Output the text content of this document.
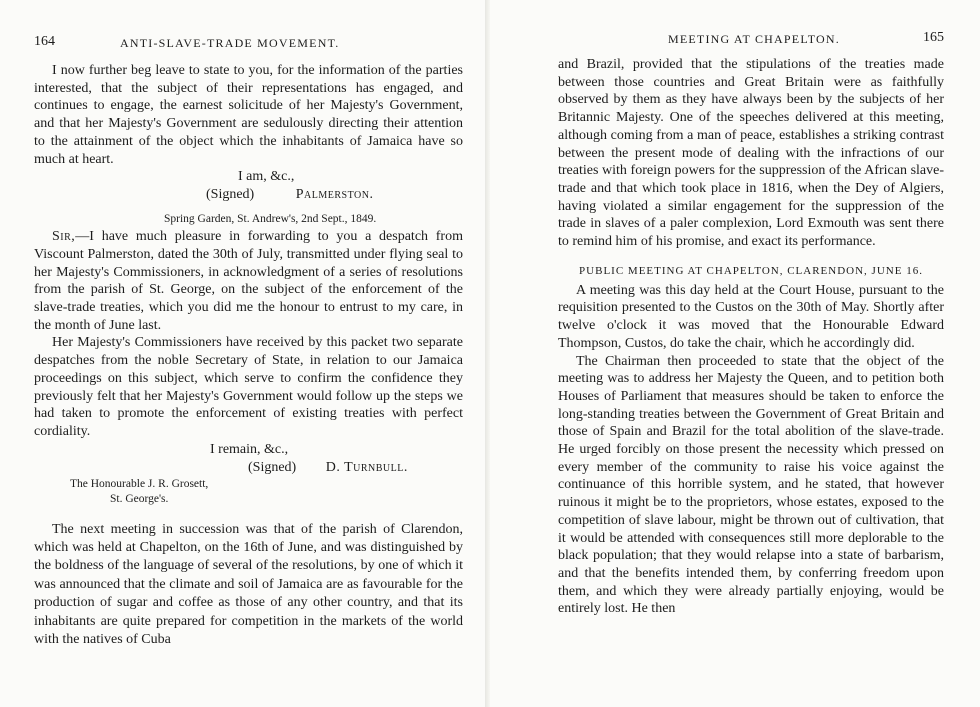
164	ANTI-SLAVE-TRADE MOVEMENT.

I now further beg leave to state to you, for the information of the parties interested, that the subject of their representations has engaged, and continues to engage, the earnest solicitude of her Majesty's Government, and that her Majesty's Government are sedulously directing their attention to the attainment of the object which the inhabitants of Jamaica have so much at heart.

I am, &c.,
(Signed)	Palmerston.
Spring Garden, St. Andrew's, 2nd Sept., 1849.

Sir,—I have much pleasure in forwarding to you a despatch from Viscount Palmerston, dated the 30th of July, transmitted under flying seal to her Majesty's Commissioners, in acknowledgment of a series of resolutions from the parish of St. George, on the subject of the enforcement of the slave-trade treaties, which you did me the honour to entrust to my care, in the month of June last.

Her Majesty's Commissioners have received by this packet two separate despatches from the noble Secretary of State, in relation to our Jamaica proceedings on this subject, which serve to confirm the confidence they previously felt that her Majesty's Government would follow up the steps we had taken to promote the enforcement of existing treaties with perfect cordiality.

I remain, &c.,
(Signed) D. Turnbull.
The Honourable J. R. Grosett,
St. George's.

The next meeting in succession was that of the parish of Clarendon, which was held at Chapelton, on the 16th of June, and was distinguished by the boldness of the language of several of the resolutions, by one of which it was announced that the climate and soil of Jamaica are as favourable for the production of sugar and coffee as those of any other country, and that its inhabitants are quite prepared for competition in the markets of the world with the natives of Cuba

MEETING AT CHAPELTON.	165

and Brazil, provided that the stipulations of the treaties made between those countries and Great Britain were as faithfully observed by them as they have always been by the subjects of her Britannic Majesty. One of the speeches delivered at this meeting, although coming from a man of peace, establishes a striking contrast between the present mode of dealing with the infractions of our treaties with foreign powers for the suppression of the African slave-trade and that which took place in 1816, when the Dey of Algiers, having violated a similar engagement for the suppression of the trade in slaves of a paler complexion, Lord Exmouth was sent there to remind him of his promise, and exact its performance.

PUBLIC MEETING AT CHAPELTON, CLARENDON, JUNE 16.

A meeting was this day held at the Court House, pursuant to the requisition presented to the Custos on the 30th of May. Shortly after twelve o'clock it was moved that the Honourable Edward Thompson, Custos, do take the chair, which he accordingly did.

The Chairman then proceeded to state that the object of the meeting was to address her Majesty the Queen, and to petition both Houses of Parliament that measures should be taken to enforce the long-standing treaties between the Government of Great Britain and those of Spain and Brazil for the total abolition of the slave-trade. He urged forcibly on those present the necessity which pressed on every member of the community to raise his voice against the continuance of this horrible system, and he stated, that however ruinous it might be to the proprietors, whose estates, exposed to the competition of slave labour, might be thrown out of cultivation, that it would be attended with consequences still more deplorable to the black population; that they would relapse into a state of barbarism, and that the benefits intended them, by conferring freedom upon them, and which they were already partially enjoying, would be entirely lost. He then
